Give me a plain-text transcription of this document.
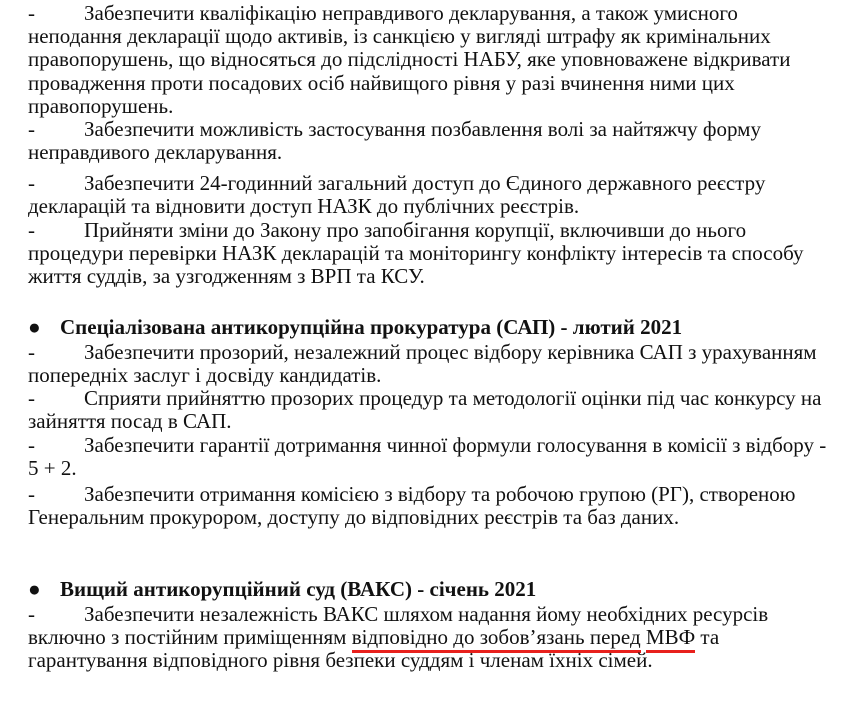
-	Забезпечити кваліфікацію неправдивого декларування, а також умисного неподання декларації щодо активів, із санкцією у вигляді штрафу як кримінальних правопорушень, що відносяться до підслідності НАБУ, яке уповноважене відкривати провадження проти посадових осіб найвищого рівня у разі вчинення ними цих правопорушень.

-	Забезпечити можливість застосування позбавлення волі за найтяжчу форму неправдивого декларування.

-	Забезпечити 24-годинний загальний доступ до Єдиного державного реєстру декларацій та відновити доступ НАЗК до публічних реєстрів.

-	Прийняти зміни до Закону про запобігання корупції, включивши до нього процедури перевірки НАЗК декларацій та моніторингу конфлікту інтересів та способу життя суддів, за узгодженням з ВРП та КСУ.

● Спеціалізована антикорупційна прокуратура (САП) - лютий 2021
-	Забезпечити прозорий, незалежний процес відбору керівника САП з урахуванням попередніх заслуг і досвіду кандидатів.

-	Сприяти прийняттю прозорих процедур та методології оцінки під час конкурсу на зайняття посад в САП.

-	Забезпечити гарантії дотримання чинної формули голосування в комісії з відбору - 5 + 2.

-	Забезпечити отримання комісією з відбору та робочою групою (РГ), створеною Генеральним прокурором, доступу до відповідних реєстрів та баз даних.

● Вищий антикорупційний суд (ВАКС) - січень 2021
-	Забезпечити незалежність ВАКС шляхом надання йому необхідних ресурсів включно з постійним приміщенням відповідно до зобов’язань перед МВФ та гарантування відповідного рівня безпеки суддям і членам їхніх сімей.
